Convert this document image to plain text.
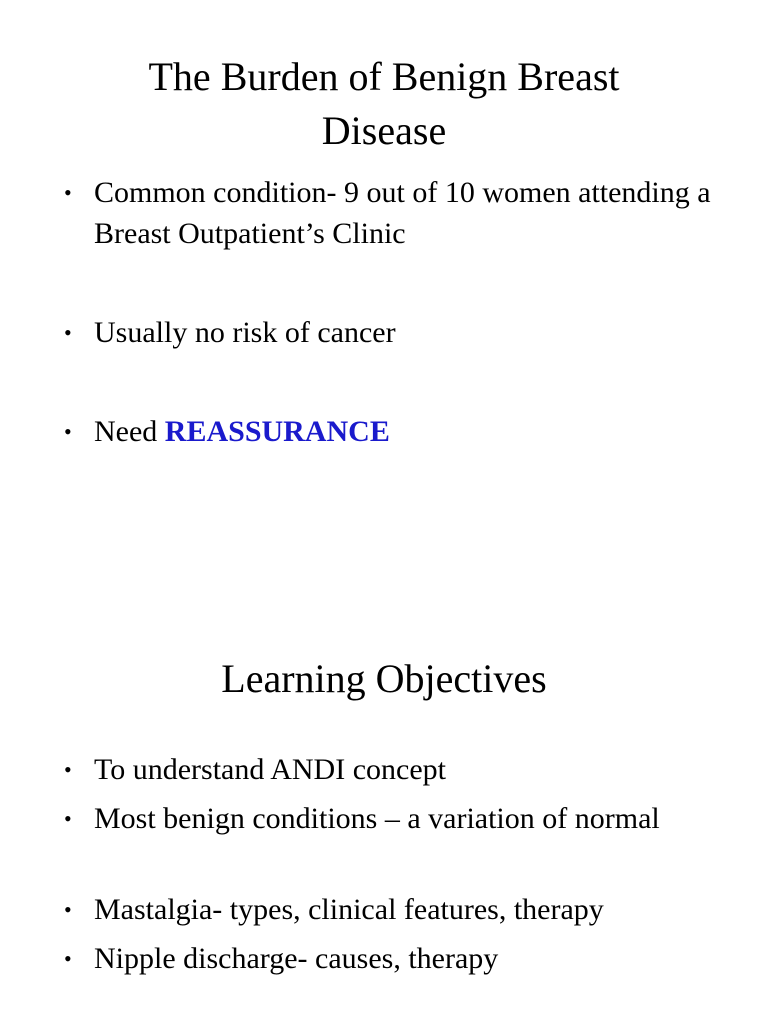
The Burden of Benign Breast
Disease
• Common condition- 9 out of 10 women attending a Breast Outpatient’s Clinic
• Usually no risk of cancer
• Need REASSURANCE
Learning Objectives
• To understand ANDI concept
• Most benign conditions – a variation of normal
• Mastalgia- types, clinical features, therapy
• Nipple discharge- causes, therapy
